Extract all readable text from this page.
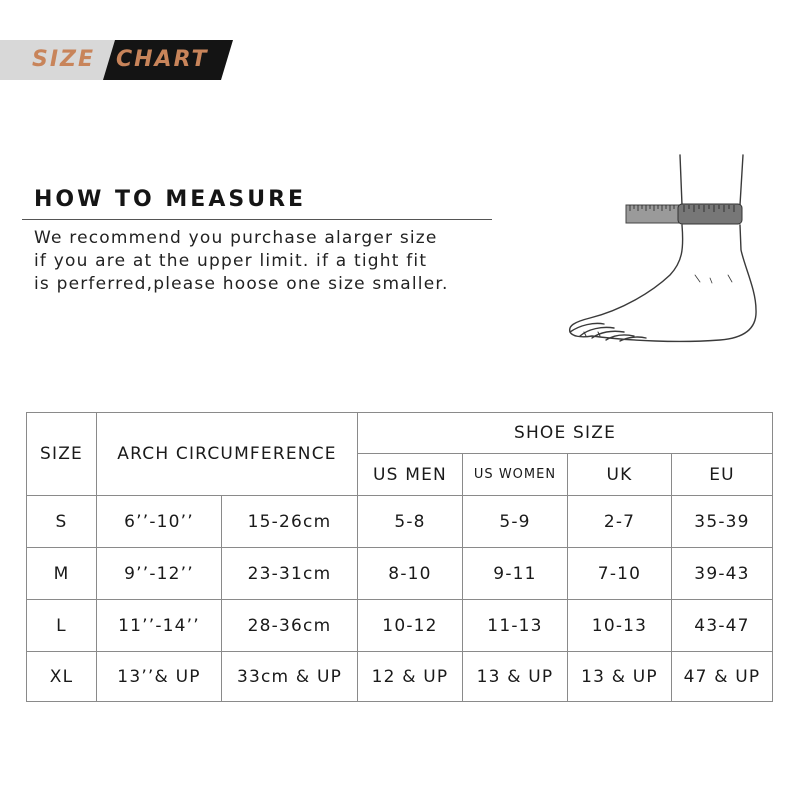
SIZE CHART
HOW TO MEASURE
We recommend you purchase alarger size
if you are at the upper limit. if a tight fit
is perferred,please hoose one size smaller.
SIZE	ARCH CIRCUMFERENCE		SHOE SIZE			
			US MEN	US WOMEN	UK	EU
S	6’’-10’’	15-26cm	5-8	5-9	2-7	35-39
M	9’’-12’’	23-31cm	8-10	9-11	7-10	39-43
L	11’’-14’’	28-36cm	10-12	11-13	10-13	43-47
XL	13’’& UP	33cm & UP	12 & UP	13 & UP	13 & UP	47 & UP
